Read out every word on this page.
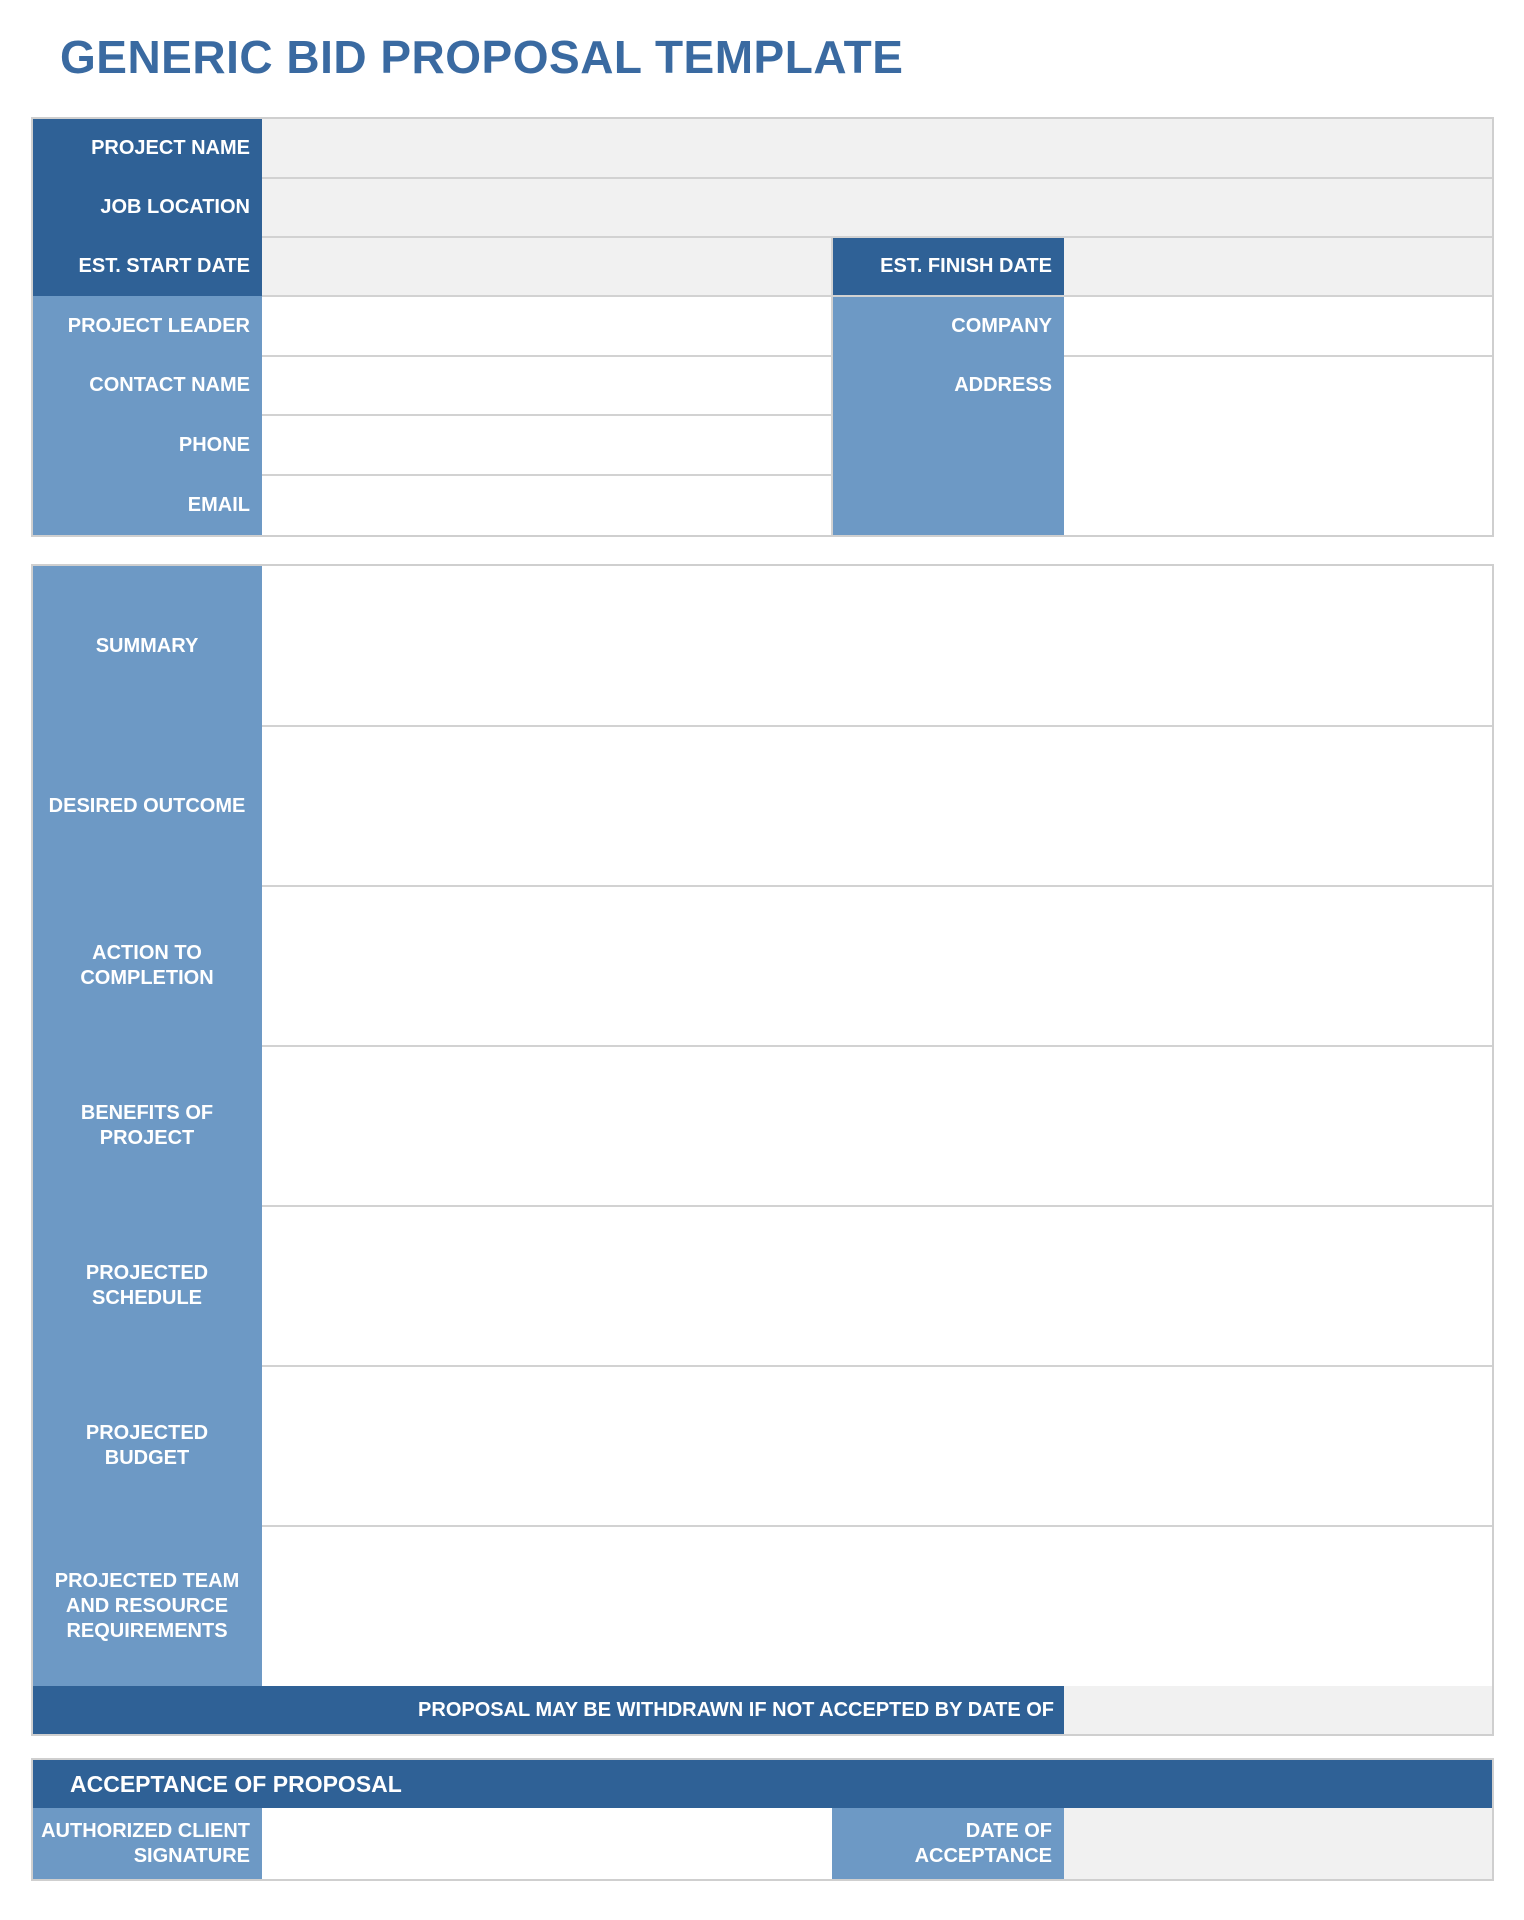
GENERIC BID PROPOSAL TEMPLATE
PROJECT NAME
JOB LOCATION
EST. START DATE	EST. FINISH DATE
PROJECT LEADER
CONTACT NAME
PHONE
EMAIL
COMPANY
ADDRESS
SUMMARY
DESIRED OUTCOME
ACTION TO COMPLETION
BENEFITS OF PROJECT
PROJECTED SCHEDULE
PROJECTED BUDGET
PROJECTED TEAM AND RESOURCE REQUIREMENTS
PROPOSAL MAY BE WITHDRAWN IF NOT ACCEPTED BY DATE OF
ACCEPTANCE OF PROPOSAL
AUTHORIZED CLIENT SIGNATURE
DATE OF ACCEPTANCE
